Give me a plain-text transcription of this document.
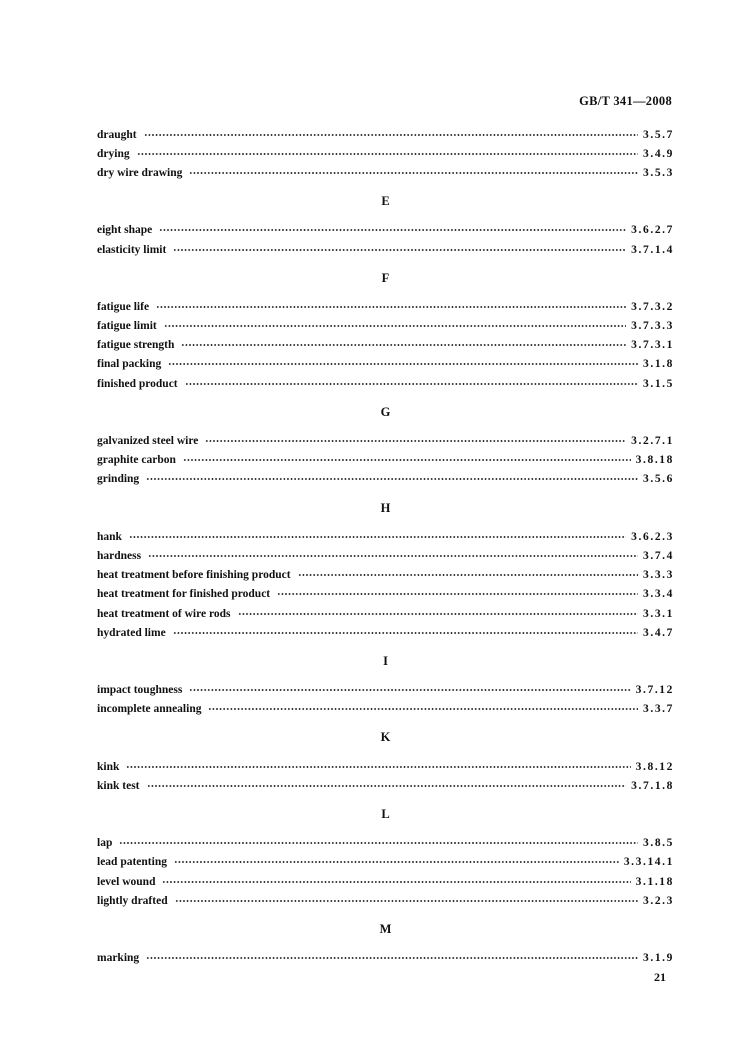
GB/T 341—2008
draught	3.5.7
drying	3.4.9
dry wire drawing	3.5.3
E
eight shape	3.6.2.7
elasticity limit	3.7.1.4
F
fatigue life	3.7.3.2
fatigue limit	3.7.3.3
fatigue strength	3.7.3.1
final packing	3.1.8
finished product	3.1.5
G
galvanized steel wire	3.2.7.1
graphite carbon	3.8.18
grinding	3.5.6
H
hank	3.6.2.3
hardness	3.7.4
heat treatment before finishing product	3.3.3
heat treatment for finished product	3.3.4
heat treatment of wire rods	3.3.1
hydrated lime	3.4.7
I
impact toughness	3.7.12
incomplete annealing	3.3.7
K
kink	3.8.12
kink test	3.7.1.8
L
lap	3.8.5
lead patenting	3.3.14.1
level wound	3.1.18
lightly drafted	3.2.3
M
marking	3.1.9
21
